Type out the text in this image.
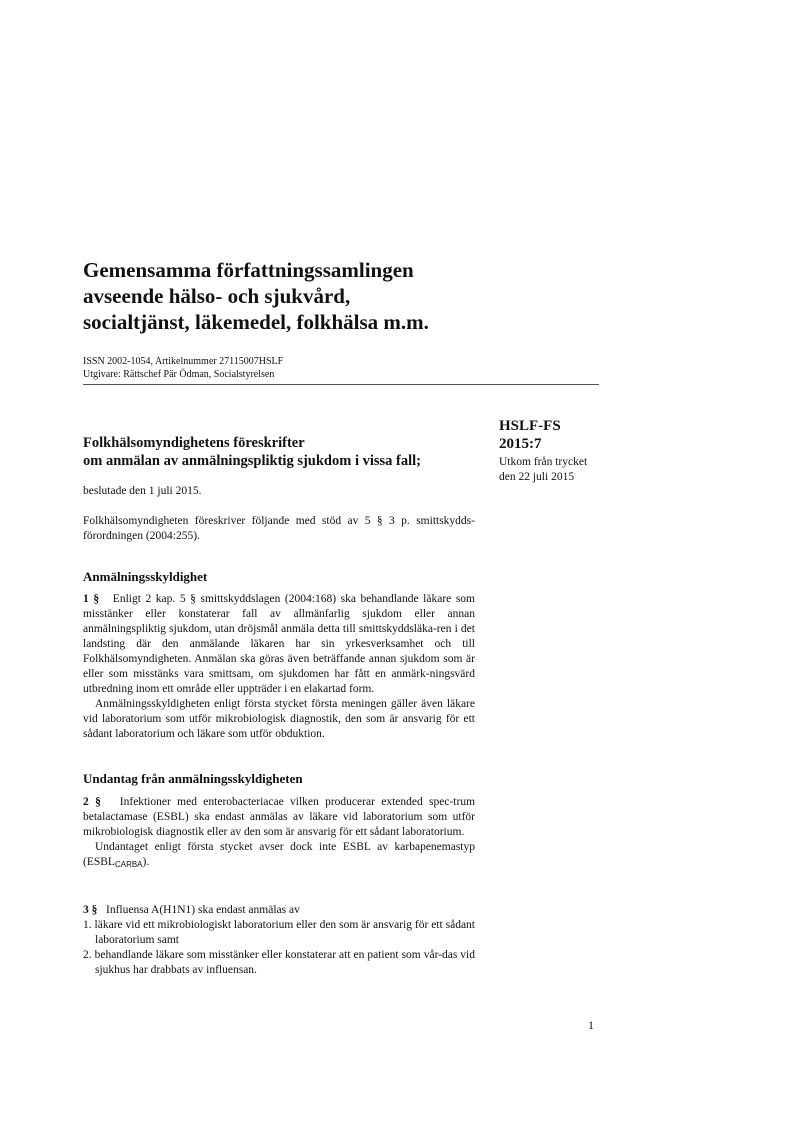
Gemensamma författningssamlingen
avseende hälso- och sjukvård,
socialtjänst, läkemedel, folkhälsa m.m.
ISSN 2002-1054, Artikelnummer 27115007HSLF
Utgivare: Rättschef Pär Ödman, Socialstyrelsen
HSLF-FS
2015:7
Utkom från trycket
den 22 juli 2015
Folkhälsomyndighetens föreskrifter
om anmälan av anmälningspliktig sjukdom i vissa fall;

beslutade den 1 juli 2015.

Folkhälsomyndigheten föreskriver följande med stöd av 5 § 3 p. smittskydds-förordningen (2004:255).

Anmälningsskyldighet

1 § Enligt 2 kap. 5 § smittskyddslagen (2004:168) ska behandlande läkare som misstänker eller konstaterar fall av allmänfarlig sjukdom eller annan anmälningspliktig sjukdom, utan dröjsmål anmäla detta till smittskyddsläka-ren i det landsting där den anmälande läkaren har sin yrkesverksamhet och till Folkhälsomyndigheten. Anmälan ska göras även beträffande annan sjukdom som är eller som misstänks vara smittsam, om sjukdomen har fått en anmärk-ningsvärd utbredning inom ett område eller uppträder i en elakartad form.

Anmälningsskyldigheten enligt första stycket första meningen gäller även läkare vid laboratorium som utför mikrobiologisk diagnostik, den som är ansvarig för ett sådant laboratorium och läkare som utför obduktion.

Undantag från anmälningsskyldigheten

2 § Infektioner med enterobacteriacae vilken producerar extended spec-trum betalactamase (ESBL) ska endast anmälas av läkare vid laboratorium som utför mikrobiologisk diagnostik eller av den som är ansvarig för ett sådant laboratorium.

Undantaget enligt första stycket avser dock inte ESBL av karbapenemastyp $(ESBL_{CARBA})$.

3 § Influensa A(H1N1) ska endast anmälas av

1. läkare vid ett mikrobiologiskt laboratorium eller den som är ansvarig för ett sådant laboratorium samt
2. behandlande läkare som misstänker eller konstaterar att en patient som vår-das vid sjukhus har drabbats av influensan.
1
